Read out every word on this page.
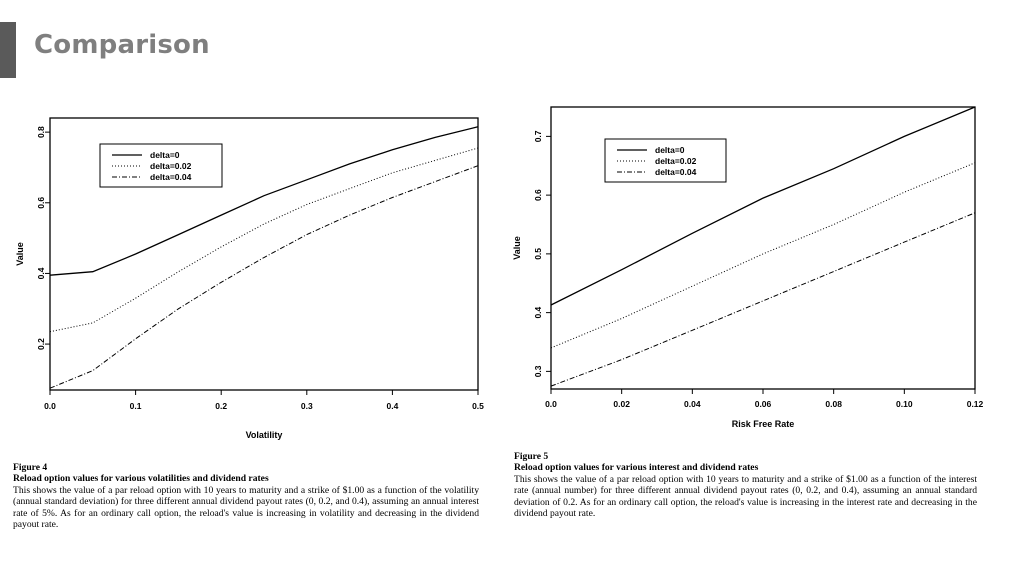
Comparison
0.0	0.1	0.2	0.3	0.4	0.5
0.2
0.4
0.6
0.8
Volatility
Value
delta=0
delta=0.02
delta=0.04
0.0	0.02	0.04	0.06	0.08	0.10	0.12
0.3
0.4
0.5
0.6
0.7
Risk Free Rate
Value
delta=0
delta=0.02
delta=0.04
Figure 4
Reload option values for various volatilities and dividend rates
This shows the value of a par reload option with 10 years to maturity and a strike of $1.00 as a function of the volatility (annual standard deviation) for three different annual dividend payout rates (0, 0.2, and 0.4), assuming an annual interest rate of 5%. As for an ordinary call option, the reload's value is increasing in volatility and decreasing in the dividend payout rate.
Figure 5
Reload option values for various interest and dividend rates
This shows the value of a par reload option with 10 years to maturity and a strike of $1.00 as a function of the interest rate (annual number) for three different annual dividend payout rates (0, 0.2, and 0.4), assuming an annual standard deviation of 0.2. As for an ordinary call option, the reload's value is increasing in the interest rate and decreasing in the dividend payout rate.
